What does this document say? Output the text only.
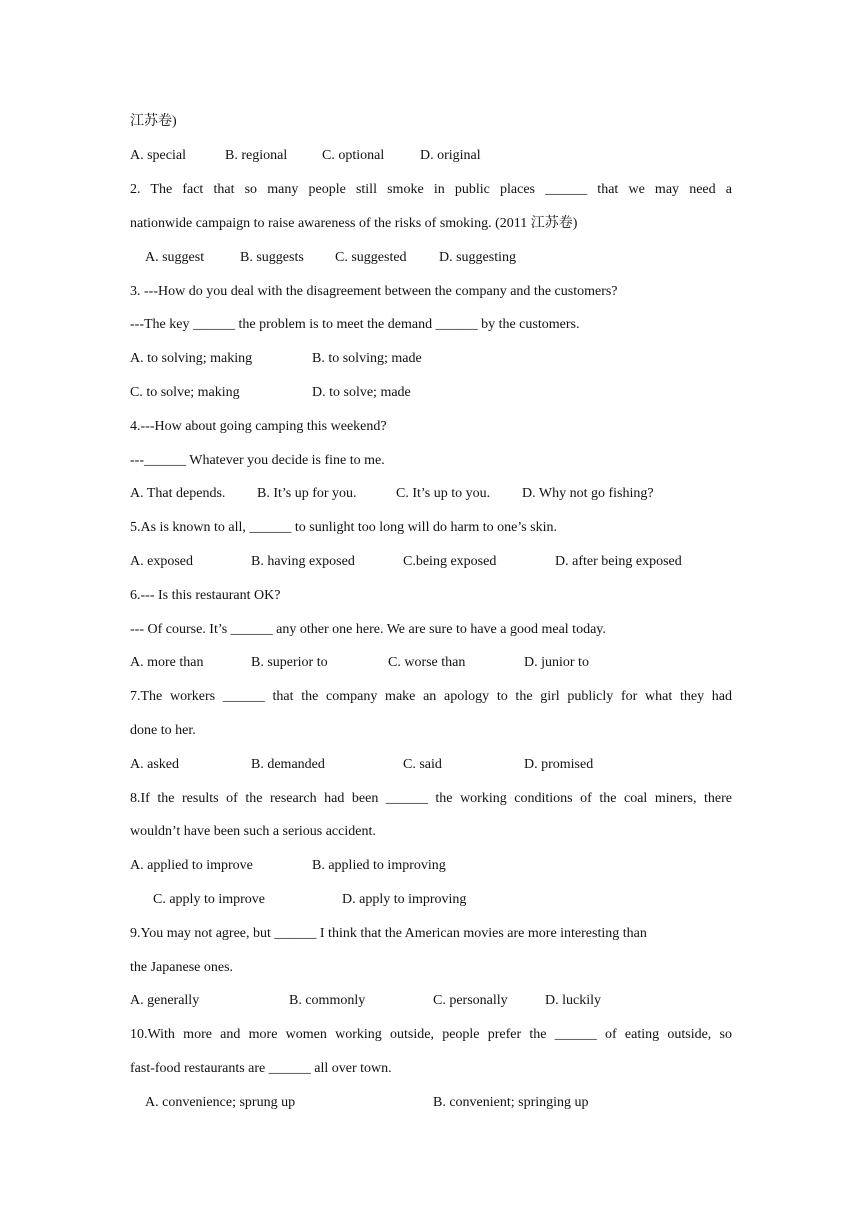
江苏卷)
A. special	B. regional C. optional	D. original
2. The fact that so many people still smoke in public places ______ that we may need a
nationwide campaign to raise awareness of the risks of smoking. (2011 江苏卷)
A. suggest	B. suggests C. suggested D. suggesting
3. ---How do you deal with the disagreement between the company and the customers?
---The key ______ the problem is to meet the demand ______ by the customers.
A. to solving; making	B. to solving; made
C. to solve; making	D. to solve; made
4.---How about going camping this weekend?
---______ Whatever you decide is fine to me.
A. That depends. B. It’s up for you.	C. It’s up to you. D. Why not go fishing?
5.As is known to all, ______ to sunlight too long will do harm to one’s skin.
A. exposed	B. having exposed	C.being exposed	D. after being exposed
6.--- Is this restaurant OK?
--- Of course. It’s ______ any other one here. We are sure to have a good meal today.
A. more than	B. superior to	C. worse than	D. junior to
7.The workers ______ that the company make an apology to the girl publicly for what they had
done to her.
A. asked	B. demanded	C. said	D. promised
8.If the results of the research had been ______ the working conditions of the coal miners, there
wouldn’t have been such a serious accident.
A. applied to improve	B. applied to improving
C. apply to improve	D. apply to improving
9.You may not agree, but ______ I think that the American movies are more interesting than
the Japanese ones.
A. generally	B. commonly	C. personally	D. luckily
10.With more and more women working outside, people prefer the ______ of eating outside, so
fast-food restaurants are ______ all over town.
A. convenience; sprung up	B. convenient; springing up
